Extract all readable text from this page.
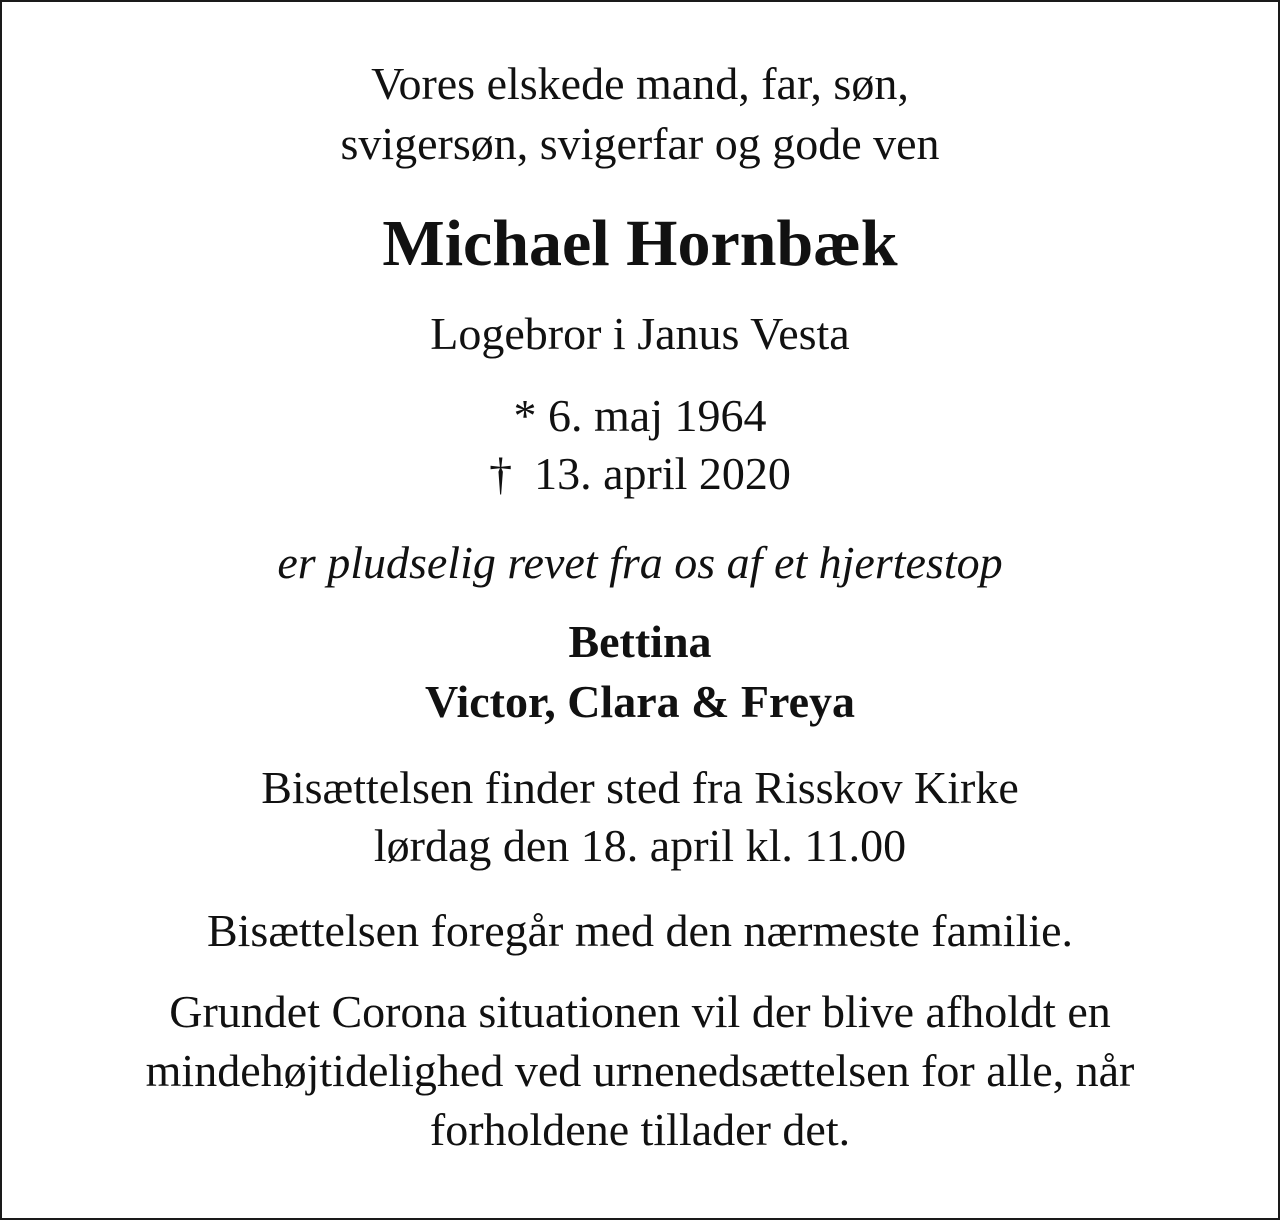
Vores elskede mand, far, søn,

svigersøn, svigerfar og gode ven

Michael Hornbæk

Logebror i Janus Vesta

* 6. maj 1964

† 13. april 2020

er pludselig revet fra os af et hjertestop

Bettina

Victor, Clara & Freya

Bisættelsen finder sted fra Risskov Kirke

lørdag den 18. april kl. 11.00

Bisættelsen foregår med den nærmeste familie.

Grundet Corona situationen vil der blive afholdt en

mindehøjtidelighed ved urnenedsættelsen for alle, når

forholdene tillader det.
